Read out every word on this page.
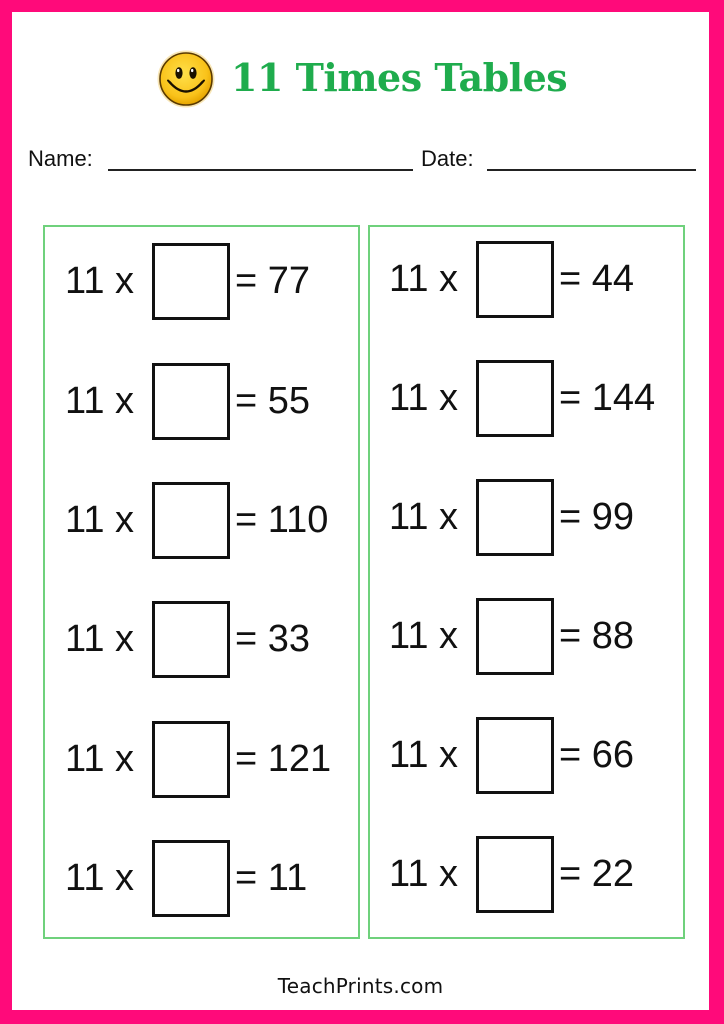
11 Times Tables
Name:	Date:
11 x	= 77
11 x	= 55
11 x	= 110
11 x	= 33
11 x	= 121
11 x	= 11
11 x	= 44
11 x	= 144
11 x	= 99
11 x	= 88
11 x	= 66
11 x	= 22
TeachPrints.com
